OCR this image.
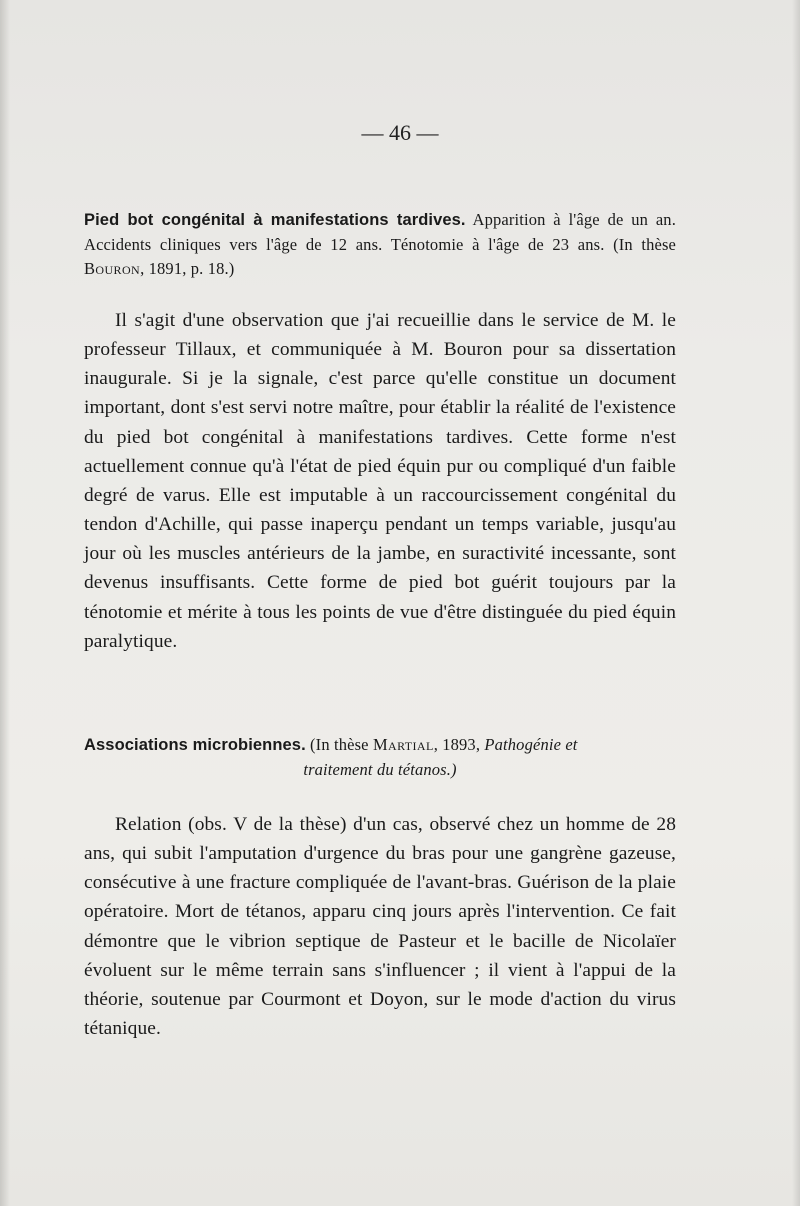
— 46 —
Pied bot congénital à manifestations tardives. Apparition à l'âge de un an. Accidents cliniques vers l'âge de 12 ans. Ténotomie à l'âge de 23 ans. (In thèse Bouron, 1891, p. 18.)

Il s'agit d'une observation que j'ai recueillie dans le service de M. le professeur Tillaux, et communiquée à M. Bouron pour sa dissertation inaugurale. Si je la signale, c'est parce qu'elle constitue un document important, dont s'est servi notre maître, pour établir la réalité de l'existence du pied bot congénital à manifestations tardives. Cette forme n'est actuellement connue qu'à l'état de pied équin pur ou compliqué d'un faible degré de varus. Elle est imputable à un raccourcissement congénital du tendon d'Achille, qui passe inaperçu pendant un temps variable, jusqu'au jour où les muscles antérieurs de la jambe, en suractivité incessante, sont devenus insuffisants. Cette forme de pied bot guérit toujours par la ténotomie et mérite à tous les points de vue d'être distinguée du pied équin paralytique.

Associations microbiennes. (In thèse Martial, 1893, Pathogénie et
traitement du tétanos.)

Relation (obs. V de la thèse) d'un cas, observé chez un homme de 28 ans, qui subit l'amputation d'urgence du bras pour une gangrène gazeuse, consécutive à une fracture compliquée de l'avant-bras. Guérison de la plaie opératoire. Mort de tétanos, apparu cinq jours après l'intervention. Ce fait démontre que le vibrion septique de Pasteur et le bacille de Nicolaïer évoluent sur le même terrain sans s'influencer ; il vient à l'appui de la théorie, soutenue par Courmont et Doyon, sur le mode d'action du virus tétanique.
